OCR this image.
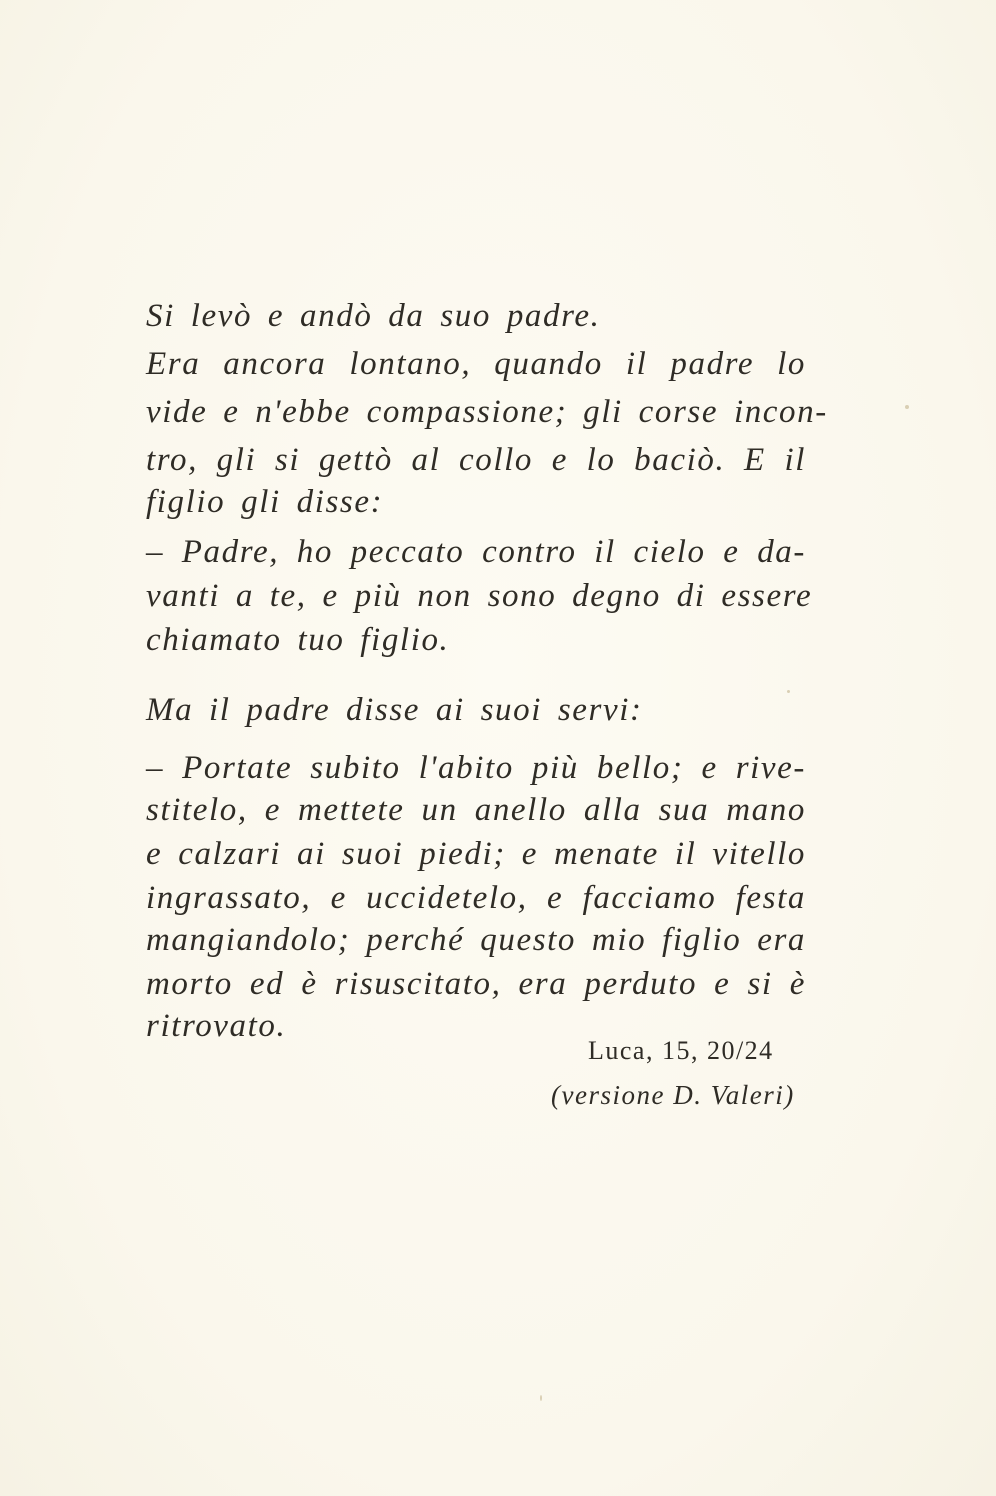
Si levò e andò da suo padre.
Era ancora lontano, quando il padre lo
vide e n'ebbe compassione; gli corse incon-
tro, gli si gettò al collo e lo baciò. E il
figlio gli disse:
– Padre, ho peccato contro il cielo e da-
vanti a te, e più non sono degno di essere
chiamato tuo figlio.
Ma il padre disse ai suoi servi:
– Portate subito l'abito più bello; e rive-
stitelo, e mettete un anello alla sua mano
e calzari ai suoi piedi; e menate il vitello
ingrassato, e uccidetelo, e facciamo festa
mangiandolo; perché questo mio figlio era
morto ed è risuscitato, era perduto e si è
ritrovato.
Luca, 15, 20/24
(versione D. Valeri)
